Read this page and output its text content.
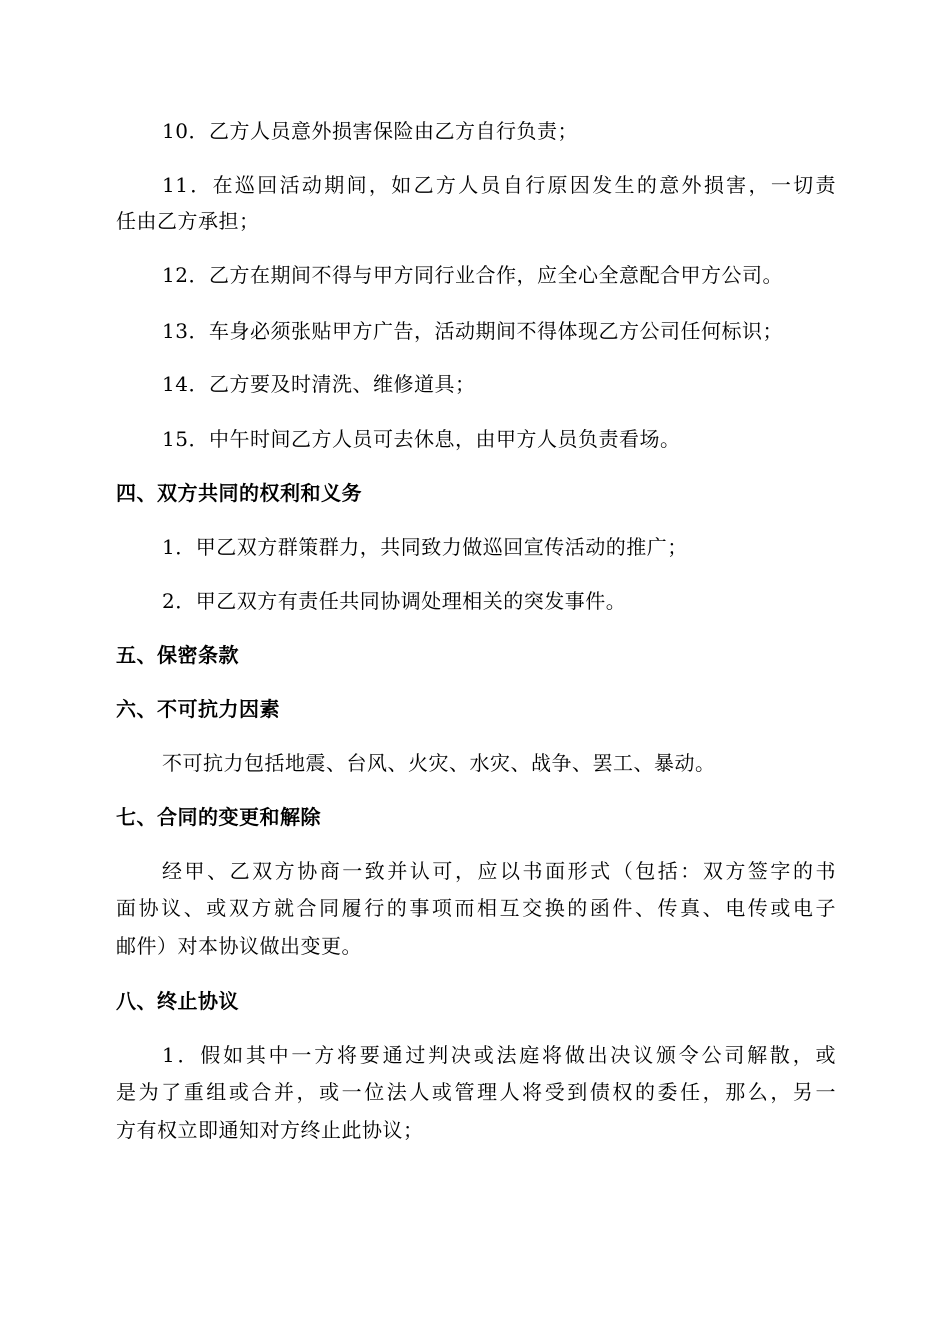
10．乙方人员意外损害保险由乙方自行负责；
11．在巡回活动期间，如乙方人员自行原因发生的意外损害，一切责
任由乙方承担；
12．乙方在期间不得与甲方同行业合作，应全心全意配合甲方公司。
13．车身必须张贴甲方广告，活动期间不得体现乙方公司任何标识；
14．乙方要及时清洗、维修道具；
15．中午时间乙方人员可去休息，由甲方人员负责看场。
四、双方共同的权利和义务
1．甲乙双方群策群力，共同致力做巡回宣传活动的推广；
2．甲乙双方有责任共同协调处理相关的突发事件。
五、保密条款
六、不可抗力因素
不可抗力包括地震、台风、火灾、水灾、战争、罢工、暴动。
七、合同的变更和解除
经甲、乙双方协商一致并认可，应以书面形式（包括：双方签字的书
面协议、或双方就合同履行的事项而相互交换的函件、传真、电传或电子
邮件）对本协议做出变更。
八、终止协议
1．假如其中一方将要通过判决或法庭将做出决议颁令公司解散，或
是为了重组或合并，或一位法人或管理人将受到债权的委任，那么，另一
方有权立即通知对方终止此协议；
